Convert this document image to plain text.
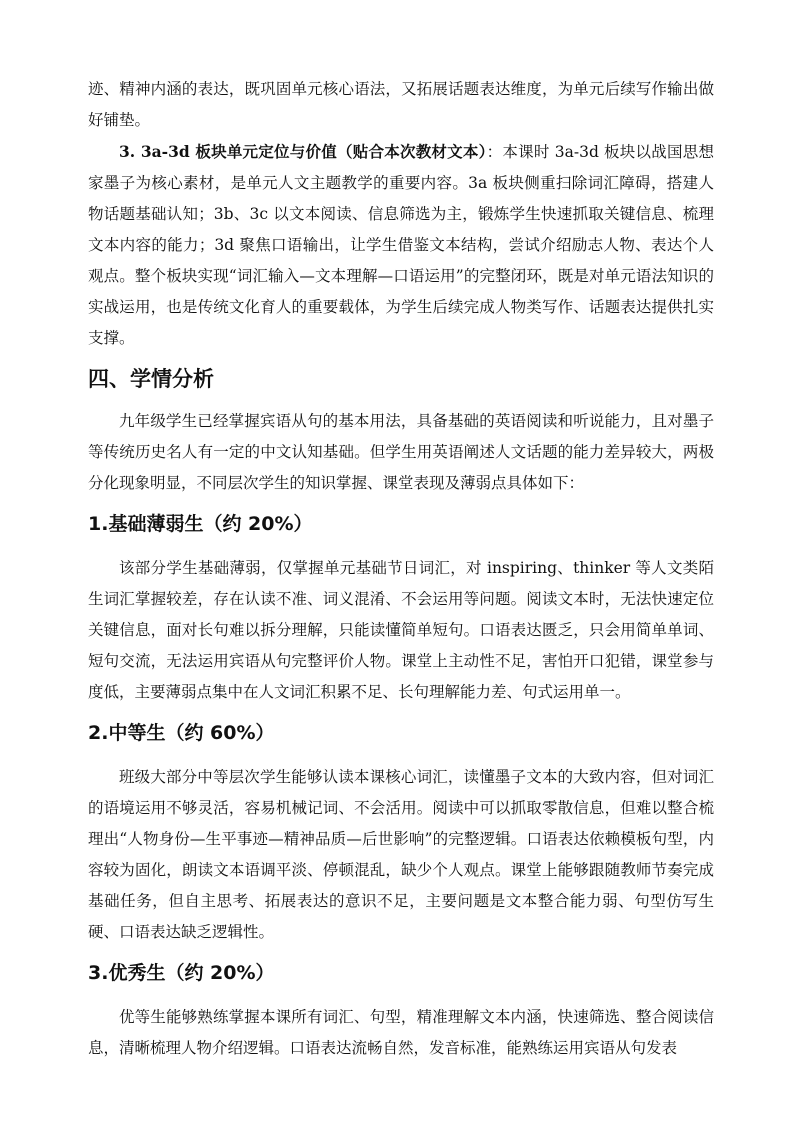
迹、精神内涵的表达，既巩固单元核心语法，又拓展话题表达维度，为单元后续写作输出做好铺垫。

3. 3a-3d 板块单元定位与价值（贴合本次教材文本）：本课时 3a-3d 板块以战国思想家墨子为核心素材，是单元人文主题教学的重要内容。3a 板块侧重扫除词汇障碍，搭建人物话题基础认知；3b、3c 以文本阅读、信息筛选为主，锻炼学生快速抓取关键信息、梳理文本内容的能力；3d 聚焦口语输出，让学生借鉴文本结构，尝试介绍励志人物、表达个人观点。整个板块实现“词汇输入—文本理解—口语运用”的完整闭环，既是对单元语法知识的实战运用，也是传统文化育人的重要载体，为学生后续完成人物类写作、话题表达提供扎实支撑。

四、学情分析

九年级学生已经掌握宾语从句的基本用法，具备基础的英语阅读和听说能力，且对墨子等传统历史名人有一定的中文认知基础。但学生用英语阐述人文话题的能力差异较大，两极分化现象明显，不同层次学生的知识掌握、课堂表现及薄弱点具体如下：

1.基础薄弱生（约 20%）

该部分学生基础薄弱，仅掌握单元基础节日词汇，对 inspiring、thinker 等人文类陌生词汇掌握较差，存在认读不准、词义混淆、不会运用等问题。阅读文本时，无法快速定位关键信息，面对长句难以拆分理解，只能读懂简单短句。口语表达匮乏，只会用简单单词、短句交流，无法运用宾语从句完整评价人物。课堂上主动性不足，害怕开口犯错，课堂参与度低，主要薄弱点集中在人文词汇积累不足、长句理解能力差、句式运用单一。

2.中等生（约 60%）

班级大部分中等层次学生能够认读本课核心词汇，读懂墨子文本的大致内容，但对词汇的语境运用不够灵活，容易机械记词、不会活用。阅读中可以抓取零散信息，但难以整合梳理出“人物身份—生平事迹—精神品质—后世影响”的完整逻辑。口语表达依赖模板句型，内容较为固化，朗读文本语调平淡、停顿混乱，缺少个人观点。课堂上能够跟随教师节奏完成基础任务，但自主思考、拓展表达的意识不足，主要问题是文本整合能力弱、句型仿写生硬、口语表达缺乏逻辑性。

3.优秀生（约 20%）

优等生能够熟练掌握本课所有词汇、句型，精准理解文本内涵，快速筛选、整合阅读信息，清晰梳理人物介绍逻辑。口语表达流畅自然，发音标准，能熟练运用宾语从句发表
